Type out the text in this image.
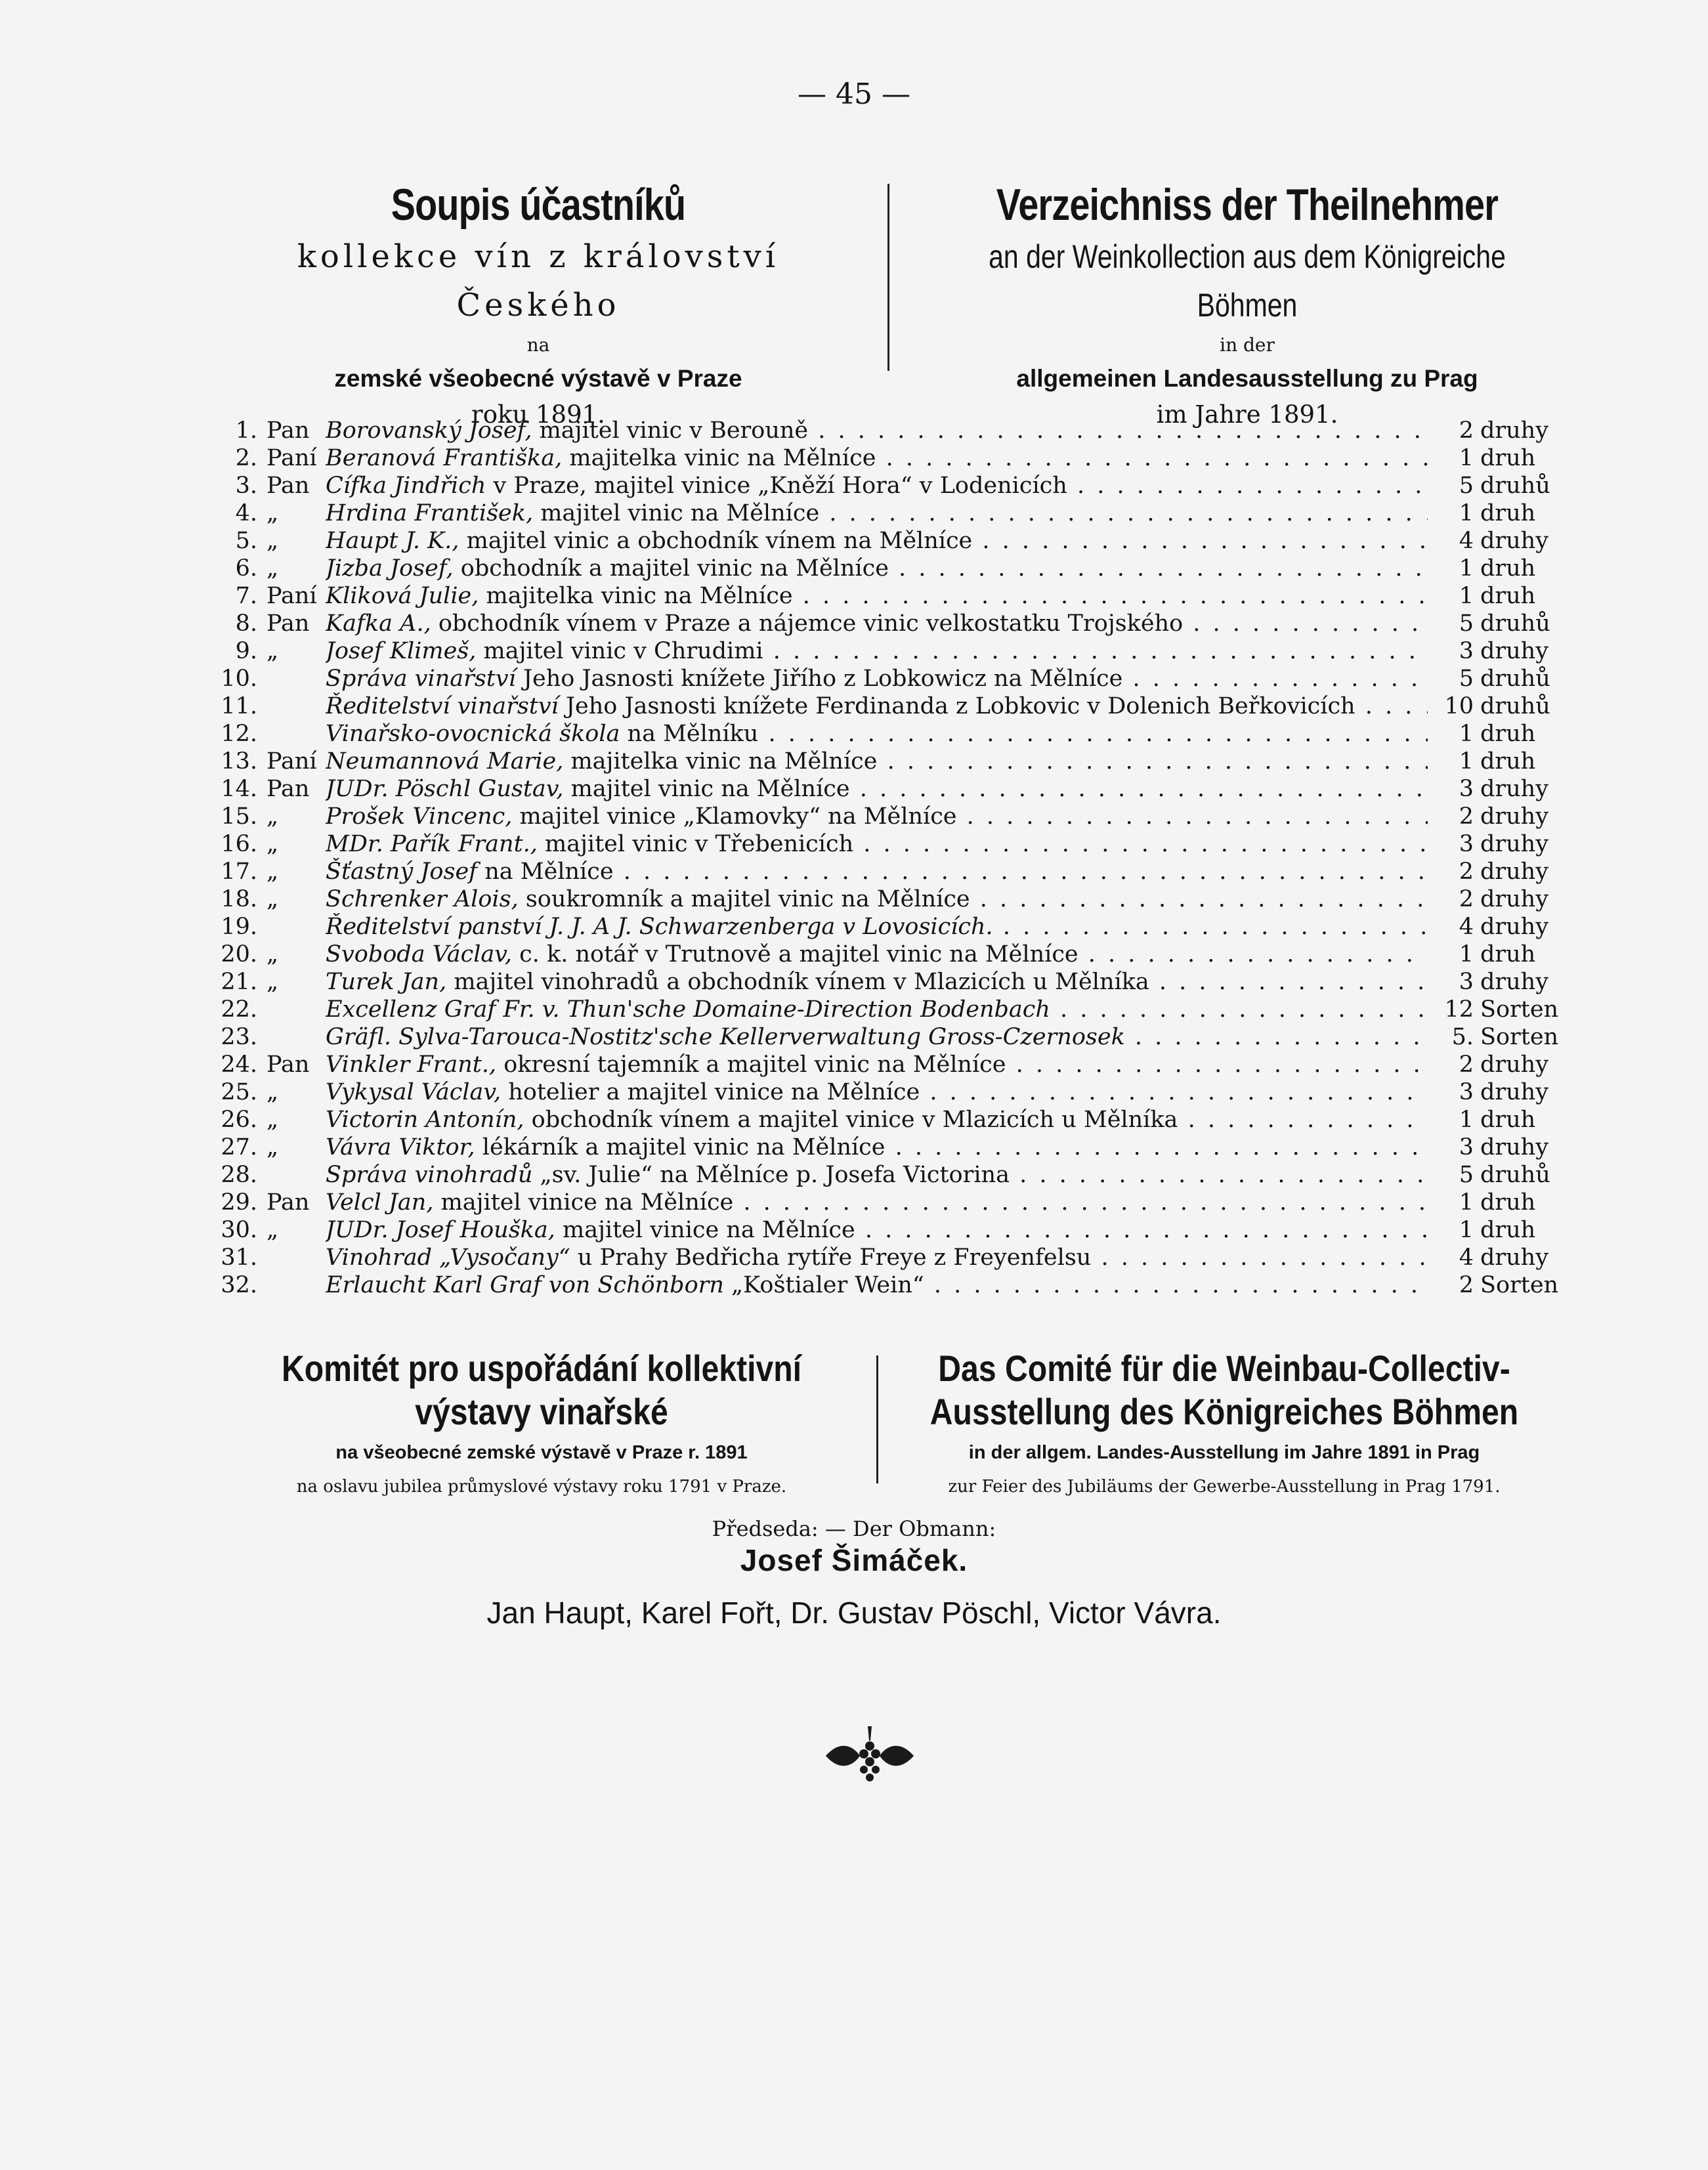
— 45 —
Soupis účastníků
kollekce vín z království Českého
na
zemské všeobecné výstavě v Praze
roku 1891.
Verzeichniss der Theilnehmer
an der Weinkollection aus dem Königreiche Böhmen
in der
allgemeinen Landesausstellung zu Prag
im Jahre 1891.
1. Pan Borovanský Josef, majitel vinic v Berouně . . .	2 druhy
2. Paní Beranová Františka, majitelka vinic na Mělníce . . .	1 druh
3. Pan Cífka Jindřich v Praze, majitel vinice „Kněží Hora“ v Lodenicích . . .	5 druhů
4. „	Hrdina František, majitel vinic na Mělníce . . .	1 druh
5. „	Haupt J. K., majitel vinic a obchodník vínem na Mělníce . . .	4 druhy
6. „	Jizba Josef, obchodník a majitel vinic na Mělníce . . .	1 druh
7. Paní Kliková Julie, majitelka vinic na Mělníce . . .	1 druh
8. Pan Kafka A., obchodník vínem v Praze a nájemce vinic velkostatku Trojského . . .	5 druhů
9. „	Josef Klimeš, majitel vinic v Chrudimi . . .	3 druhy
10.	Správa vinařství Jeho Jasnosti knížete Jiřího z Lobkowicz na Mělníce . . .	5 druhů
11.	Ředitelství vinařství Jeho Jasnosti knížete Ferdinanda z Lobkovic v Dolenich Beřkovicích . . .	10 druhů
12.	Vinařsko-ovocnická škola na Mělníku . . .	1 druh
13. Paní Neumannová Marie, majitelka vinic na Mělníce . . .	1 druh
14. Pan JUDr. Pöschl Gustav, majitel vinic na Mělníce . . .	3 druhy
15. „	Prošek Vincenc, majitel vinice „Klamovky“ na Mělníce . . .	2 druhy
16. „	MDr. Pařík Frant., majitel vinic v Třebenicích . . .	3 druhy
17. „	Šťastný Josef na Mělníce . . .	2 druhy
18. „	Schrenker Alois, soukromník a majitel vinic na Mělníce . . .	2 druhy
19.	Ředitelství panství J. J. A J. Schwarzenberga v Lovosicích. . . .	4 druhy
20. „	Svoboda Václav, c. k. notář v Trutnově a majitel vinic na Mělníce . . .	1 druh
21. „	Turek Jan, majitel vinohradů a obchodník vínem v Mlazicích u Mělníka . . .	3 druhy
22.	Excellenz Graf Fr. v. Thun'sche Domaine-Direction Bodenbach . . .	12 Sorten
23.	Gräfl. Sylva-Tarouca-Nostitz'sche Kellerverwaltung Gross-Czernosek . . .	5. Sorten
24. Pan Vinkler Frant., okresní tajemník a majitel vinic na Mělníce . . .	2 druhy
25. „	Vykysal Václav, hotelier a majitel vinice na Mělníce . . .	3 druhy
26. „	Victorin Antonín, obchodník vínem a majitel vinice v Mlazicích u Mělníka . . .	1 druh
27. „	Vávra Viktor, lékárník a majitel vinic na Mělníce . . .	3 druhy
28.	Správa vinohradů „sv. Julie“ na Mělníce p. Josefa Victorina . . .	5 druhů
29. Pan Velcl Jan, majitel vinice na Mělníce . . .	1 druh
30. „	JUDr. Josef Houška, majitel vinice na Mělníce . . .	1 druh
31.	Vinohrad „Vysočany“ u Prahy Bedřicha rytíře Freye z Freyenfelsu . . .	4 druhy
32.	Erlaucht Karl Graf von Schönborn „Koštialer Wein“ . . .	2 Sorten
Komitét pro uspořádání kollektivní výstavy vinařské
na všeobecné zemské výstavě v Praze r. 1891
na oslavu jubilea průmyslové výstavy roku 1791 v Praze.
Das Comité für die Weinbau-Collectiv-Ausstellung des Königreiches Böhmen
in der allgem. Landes-Ausstellung im Jahre 1891 in Prag
zur Feier des Jubiläums der Gewerbe-Ausstellung in Prag 1791.
Předseda: — Der Obmann:
Josef Šimáček.
Jan Haupt, Karel Fořt, Dr. Gustav Pöschl, Victor Vávra.
